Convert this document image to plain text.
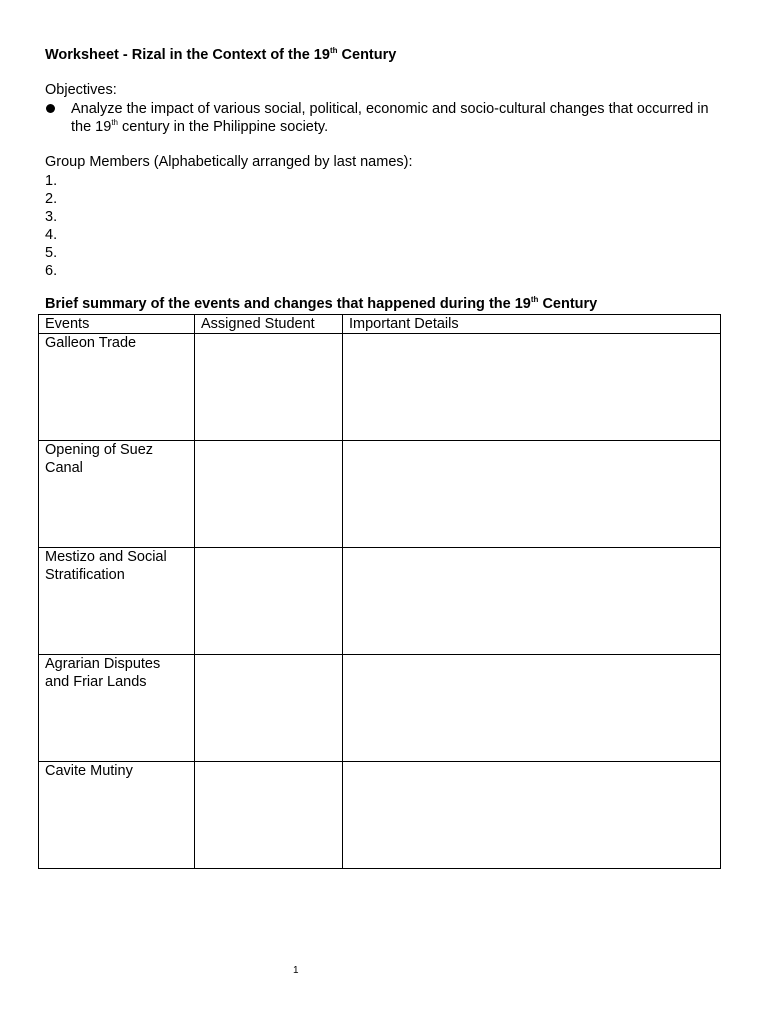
Worksheet - Rizal in the Context of the 19th Century
Objectives:
Analyze the impact of various social, political, economic and socio-cultural changes that occurred in the 19th century in the Philippine society.
Group Members (Alphabetically arranged by last names):
1.
2.
3.
4.
5.
6.
Brief summary of the events and changes that happened during the 19th Century
Events	Assigned Student	Important Details
Galleon Trade		
Opening of Suez Canal		
Mestizo and Social Stratification		
Agrarian Disputes and Friar Lands		
Cavite Mutiny		
1
